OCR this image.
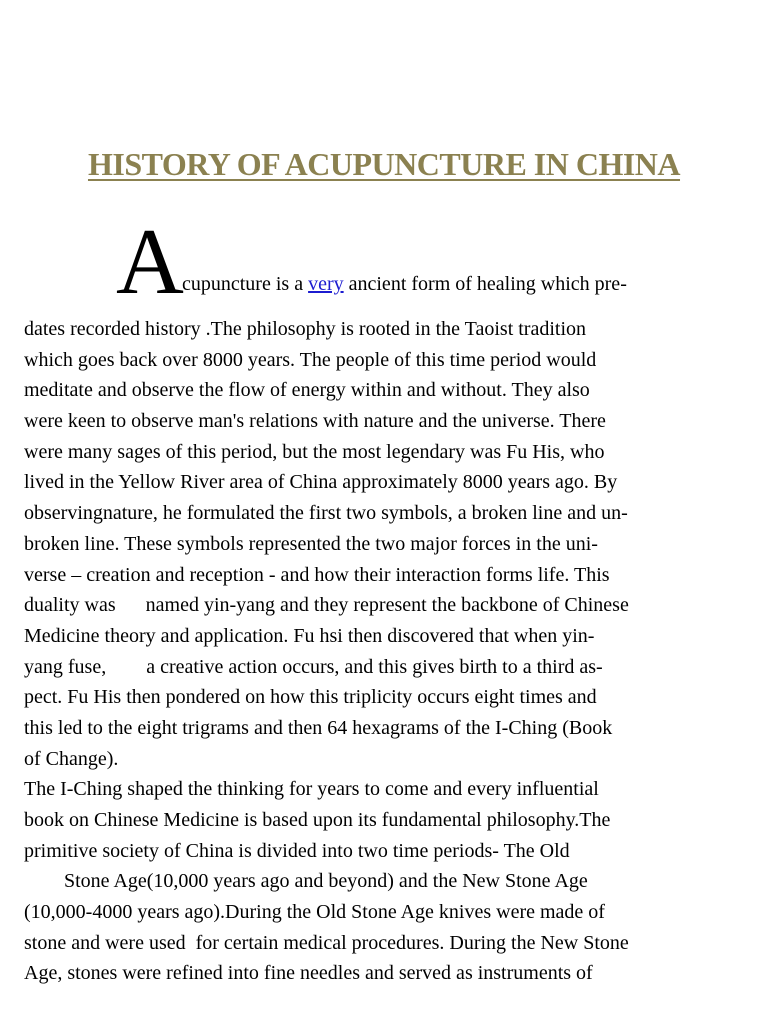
HISTORY OF ACUPUNCTURE IN CHINA
A
cupuncture is a very ancient form of healing which pre-
dates recorded history .The philosophy is rooted in the Taoist tradition
which goes back over 8000 years. The people of this time period would
meditate and observe the flow of energy within and without. They also
were keen to observe man's relations with nature and the universe. There
were many sages of this period, but the most legendary was Fu His, who
lived in the Yellow River area of China approximately 8000 years ago. By
observingnature, he formulated the first two symbols, a broken line and un-
broken line. These symbols represented the two major forces in the uni-
verse – creation and reception - and how their interaction forms life. This
duality was      named yin-yang and they represent the backbone of Chinese
Medicine theory and application. Fu hsi then discovered that when yin-
yang fuse,        a creative action occurs, and this gives birth to a third as-
pect. Fu His then pondered on how this triplicity occurs eight times and
this led to the eight trigrams and then 64 hexagrams of the I-Ching (Book
of Change).
The I-Ching shaped the thinking for years to come and every influential
book on Chinese Medicine is based upon its fundamental philosophy.The
primitive society of China is divided into two time periods- The Old
Stone Age(10,000 years ago and beyond) and the New Stone Age
(10,000-4000 years ago).During the Old Stone Age knives were made of
stone and were used  for certain medical procedures. During the New Stone
Age, stones were refined into fine needles and served as instruments of
